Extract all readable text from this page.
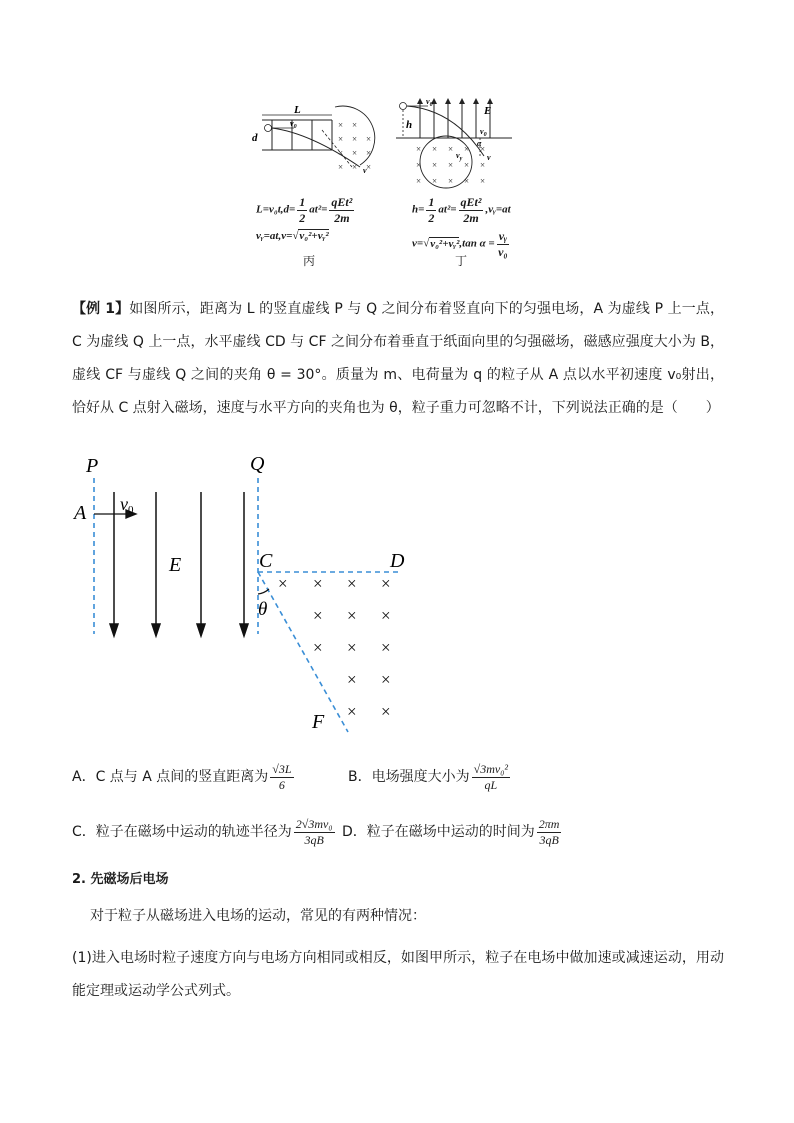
× ×
× × ×
× × ×
× × ×
L
d
$v_0$
v
$L=v_0t,d= \frac{1}{2} at^2= \frac{\text{qEt²}}{2m}$
vᵧ=at,v=√v₀²+vᵧ²
丙
× × × × ×
× × × × ×
× × × × ×
$v_0$	E
h
$v_0$
$v_y$	v
α
$h= \frac{1}{2} at^2= \frac{\text{qEt²}}{2m}$ ,vᵧ=at
v=√v₀²+vᵧ²,tan $\alpha = \frac{\text{vᵧ}}{\text{v₀}}$
丁
【例 1】如图所示，距离为 L 的竖直虚线 P 与 Q 之间分布着竖直向下的匀强电场，A 为虚线 P 上一点，C 为虚线 Q 上一点，水平虚线 CD 与 CF 之间分布着垂直于纸面向里的匀强磁场，磁感应强度大小为 B，虚线 CF 与虚线 Q 之间的夹角 θ = 30°。质量为 m、电荷量为 q 的粒子从 A 点以水平初速度 v₀射出，恰好从 C 点射入磁场，速度与水平方向的夹角也为 θ，粒子重力可忽略不计，下列说法正确的是（　　）
P	Q
A v0
E	C	D
θ
F
× × × ×
× × ×
× × ×
× ×
× ×
A．C 点与 A 点间的竖直距离为 $\frac{√3L}{6}$	B．电场强度大小为 $\frac{\text{√3mv₀²}}{qL}$
C．粒子在磁场中运动的轨迹半径为 $\frac{\text{2√3mv₀}}{3qB}$ D．粒子在磁场中运动的时间为 $\frac{2\pi m}{3qB}$
2. 先磁场后电场
对于粒子从磁场进入电场的运动，常见的有两种情况：
(1)进入电场时粒子速度方向与电场方向相同或相反，如图甲所示，粒子在电场中做加速或减速运动，用动能定理或运动学公式列式。
